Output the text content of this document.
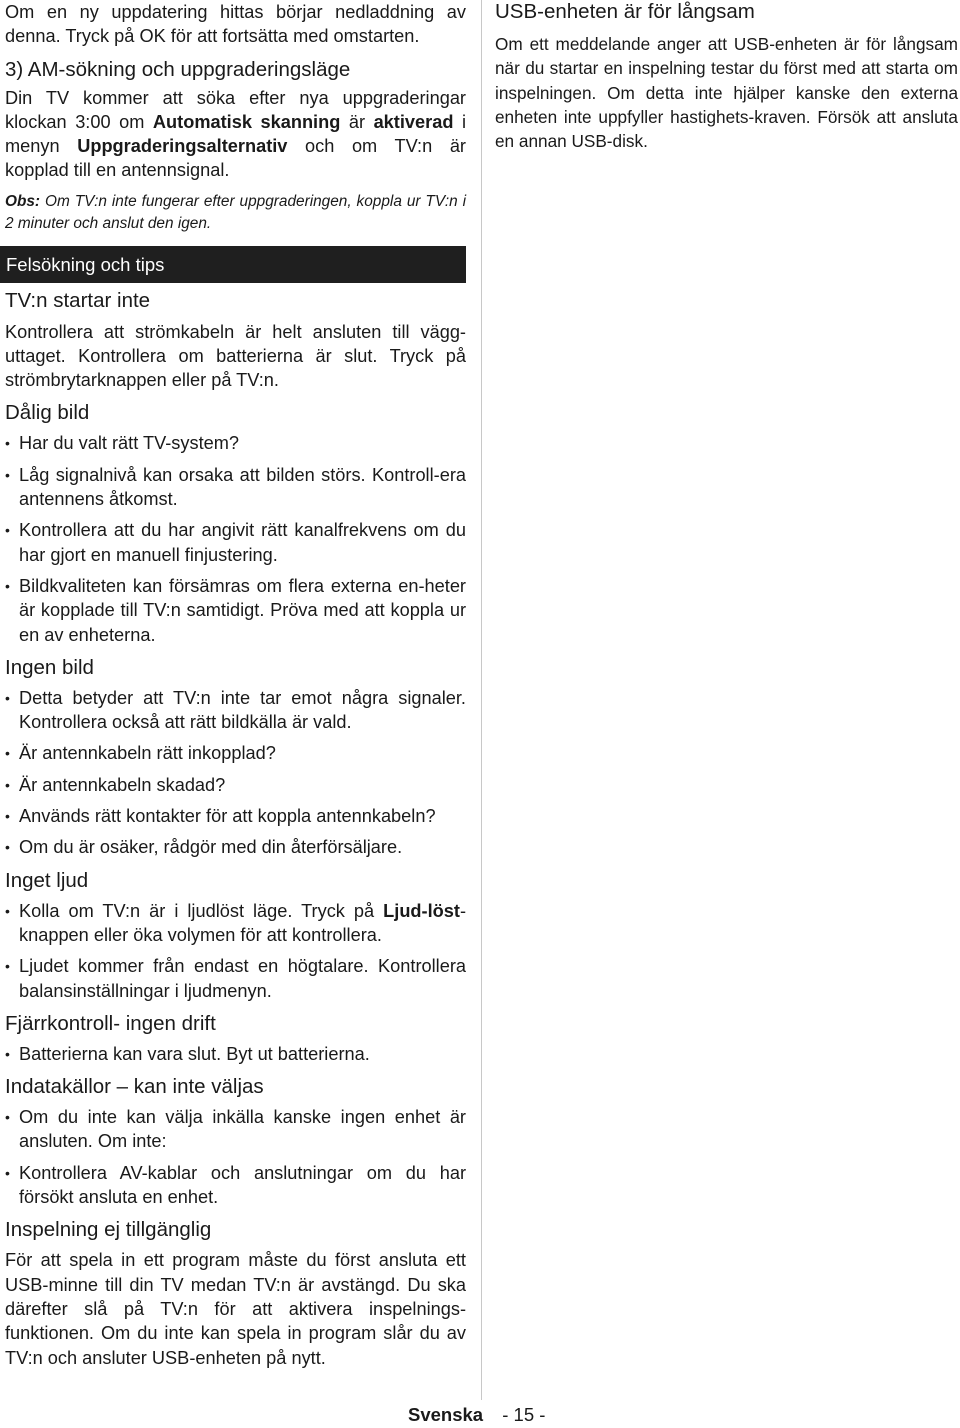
Om en ny uppdatering hittas börjar nedladdning av denna. Tryck på OK för att fortsätta med omstarten.

3) AM-sökning och uppgraderingsläge

Din TV kommer att söka efter nya uppgraderingar klockan 3:00 om Automatisk skanning är aktiverad i menyn Uppgraderingsalternativ och om TV:n är kopplad till en antennsignal.

Obs: Om TV:n inte fungerar efter uppgraderingen, koppla ur TV:n i 2 minuter och anslut den igen.

Felsökning och tips
TV:n startar inte

Kontrollera att strömkabeln är helt ansluten till vägg-uttaget. Kontrollera om batterierna är slut. Tryck på strömbrytarknappen eller på TV:n.

Dålig bild
• Har du valt rätt TV-system?
• Låg signalnivå kan orsaka att bilden störs. Kontroll-era antennens åtkomst.
• Kontrollera att du har angivit rätt kanalfrekvens om du har gjort en manuell finjustering.
• Bildkvaliteten kan försämras om flera externa en-heter är kopplade till TV:n samtidigt. Pröva med att koppla ur en av enheterna.
Ingen bild
• Detta betyder att TV:n inte tar emot några signaler. Kontrollera också att rätt bildkälla är vald.
• Är antennkabeln rätt inkopplad?
• Är antennkabeln skadad?
• Används rätt kontakter för att koppla antennkabeln?
• Om du är osäker, rådgör med din återförsäljare.
Inget ljud
• Kolla om TV:n är i ljudlöst läge. Tryck på Ljud-löst-knappen eller öka volymen för att kontrollera.
• Ljudet kommer från endast en högtalare. Kontrollera balansinställningar i ljudmenyn.
Fjärrkontroll- ingen drift
• Batterierna kan vara slut. Byt ut batterierna.
Indatakällor – kan inte väljas
• Om du inte kan välja inkälla kanske ingen enhet är ansluten. Om inte:
• Kontrollera AV-kablar och anslutningar om du har försökt ansluta en enhet.
Inspelning ej tillgänglig

För att spela in ett program måste du först ansluta ett USB-minne till din TV medan TV:n är avstängd. Du ska därefter slå på TV:n för att aktivera inspelnings-funktionen. Om du inte kan spela in program slår du av TV:n och ansluter USB-enheten på nytt.

USB-enheten är för långsam

Om ett meddelande anger att USB-enheten är för långsam när du startar en inspelning testar du först med att starta om inspelningen. Om detta inte hjälper kanske den externa enheten inte uppfyller hastighets-kraven. Försök att ansluta en annan USB-disk.

Svenska - 15 -
